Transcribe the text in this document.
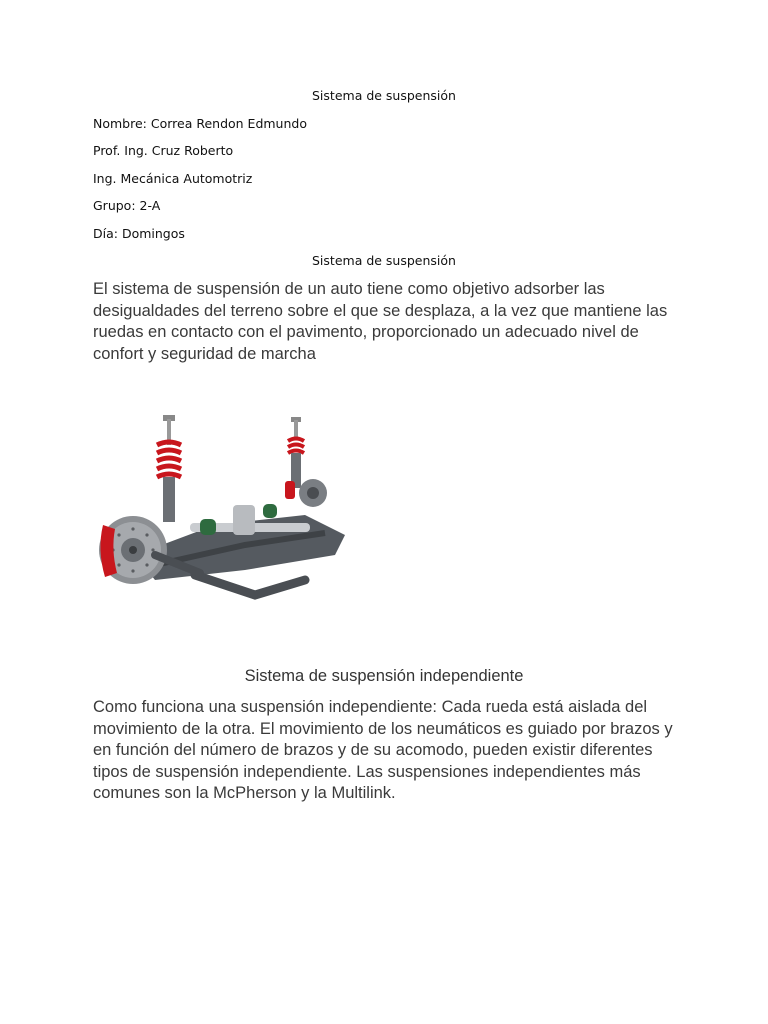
Sistema de suspensión
Nombre: Correa Rendon Edmundo
Prof. Ing. Cruz Roberto
Ing. Mecánica Automotriz
Grupo: 2-A
Día: Domingos
Sistema de suspensión
El sistema de suspensión de un auto tiene como objetivo adsorber las desigualdades del terreno sobre el que se desplaza, a la vez que mantiene las ruedas en contacto con el pavimento, proporcionado un adecuado nivel de confort y seguridad de marcha
Sistema de suspensión independiente
Como funciona una suspensión independiente: Cada rueda está aislada del movimiento de la otra. El movimiento de los neumáticos es guiado por brazos y en función del número de brazos y de su acomodo, pueden existir diferentes tipos de suspensión independiente. Las suspensiones independientes más comunes son la McPherson y la Multilink.
